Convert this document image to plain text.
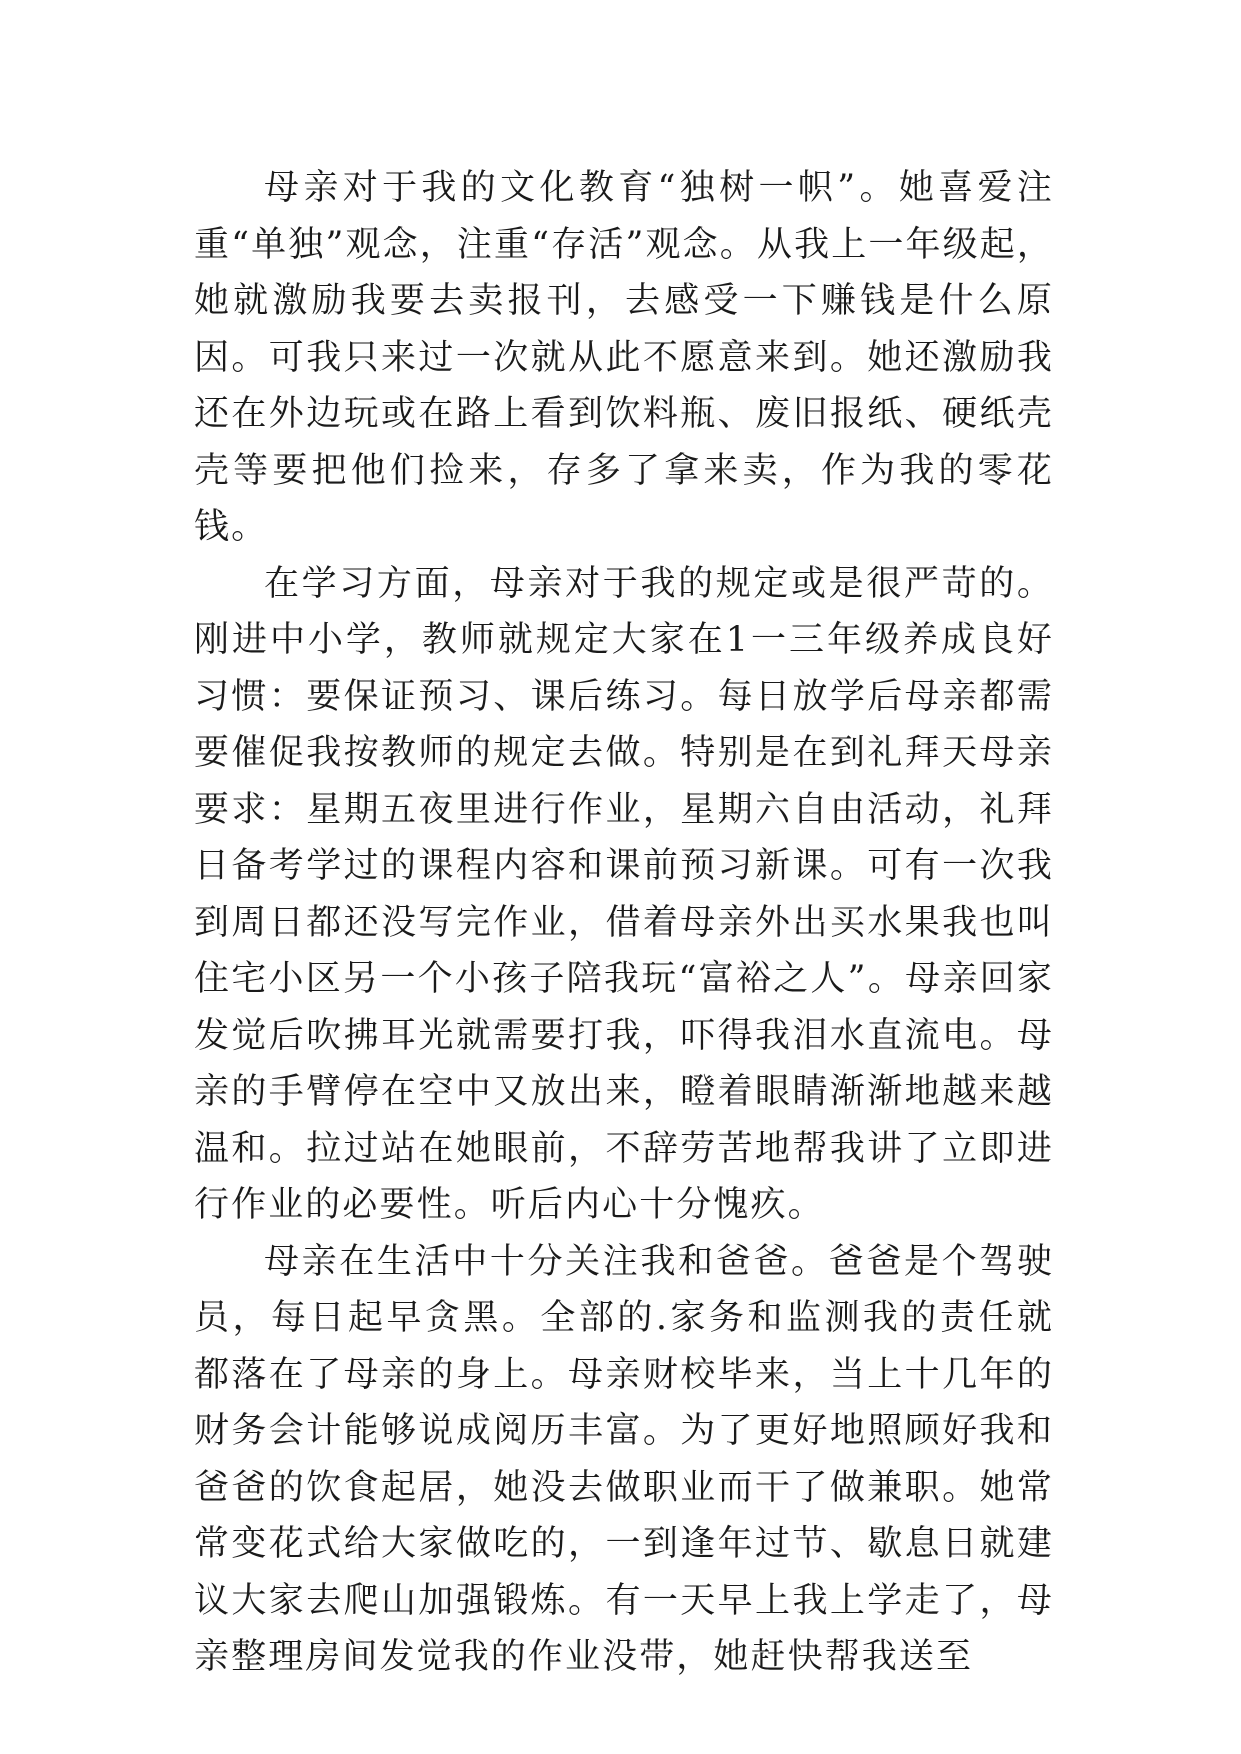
母亲对于我的文化教育“独树一帜”。她喜爱注重“单独”观念，注重“存活”观念。从我上一年级起，她就激励我要去卖报刊，去感受一下赚钱是什么原因。可我只来过一次就从此不愿意来到。她还激励我还在外边玩或在路上看到饮料瓶、废旧报纸、硬纸壳壳等要把他们捡来，存多了拿来卖，作为我的零花钱。

在学习方面，母亲对于我的规定或是很严苛的。刚进中小学，教师就规定大家在1一三年级养成良好习惯：要保证预习、课后练习。每日放学后母亲都需要催促我按教师的规定去做。特别是在到礼拜天母亲要求：星期五夜里进行作业，星期六自由活动，礼拜日备考学过的课程内容和课前预习新课。可有一次我到周日都还没写完作业，借着母亲外出买水果我也叫住宅小区另一个小孩子陪我玩“富裕之人”。母亲回家发觉后吹拂耳光就需要打我，吓得我泪水直流电。母亲的手臂停在空中又放出来，瞪着眼睛渐渐地越来越温和。拉过站在她眼前，不辞劳苦地帮我讲了立即进行作业的必要性。听后内心十分愧疚。

母亲在生活中十分关注我和爸爸。爸爸是个驾驶员，每日起早贪黑。全部的.家务和监测我的责任就都落在了母亲的身上。母亲财校毕来，当上十几年的财务会计能够说成阅历丰富。为了更好地照顾好我和爸爸的饮食起居，她没去做职业而干了做兼职。她常常变花式给大家做吃的，一到逢年过节、歇息日就建议大家去爬山加强锻炼。有一天早上我上学走了，母亲整理房间发觉我的作业没带，她赶快帮我送至
